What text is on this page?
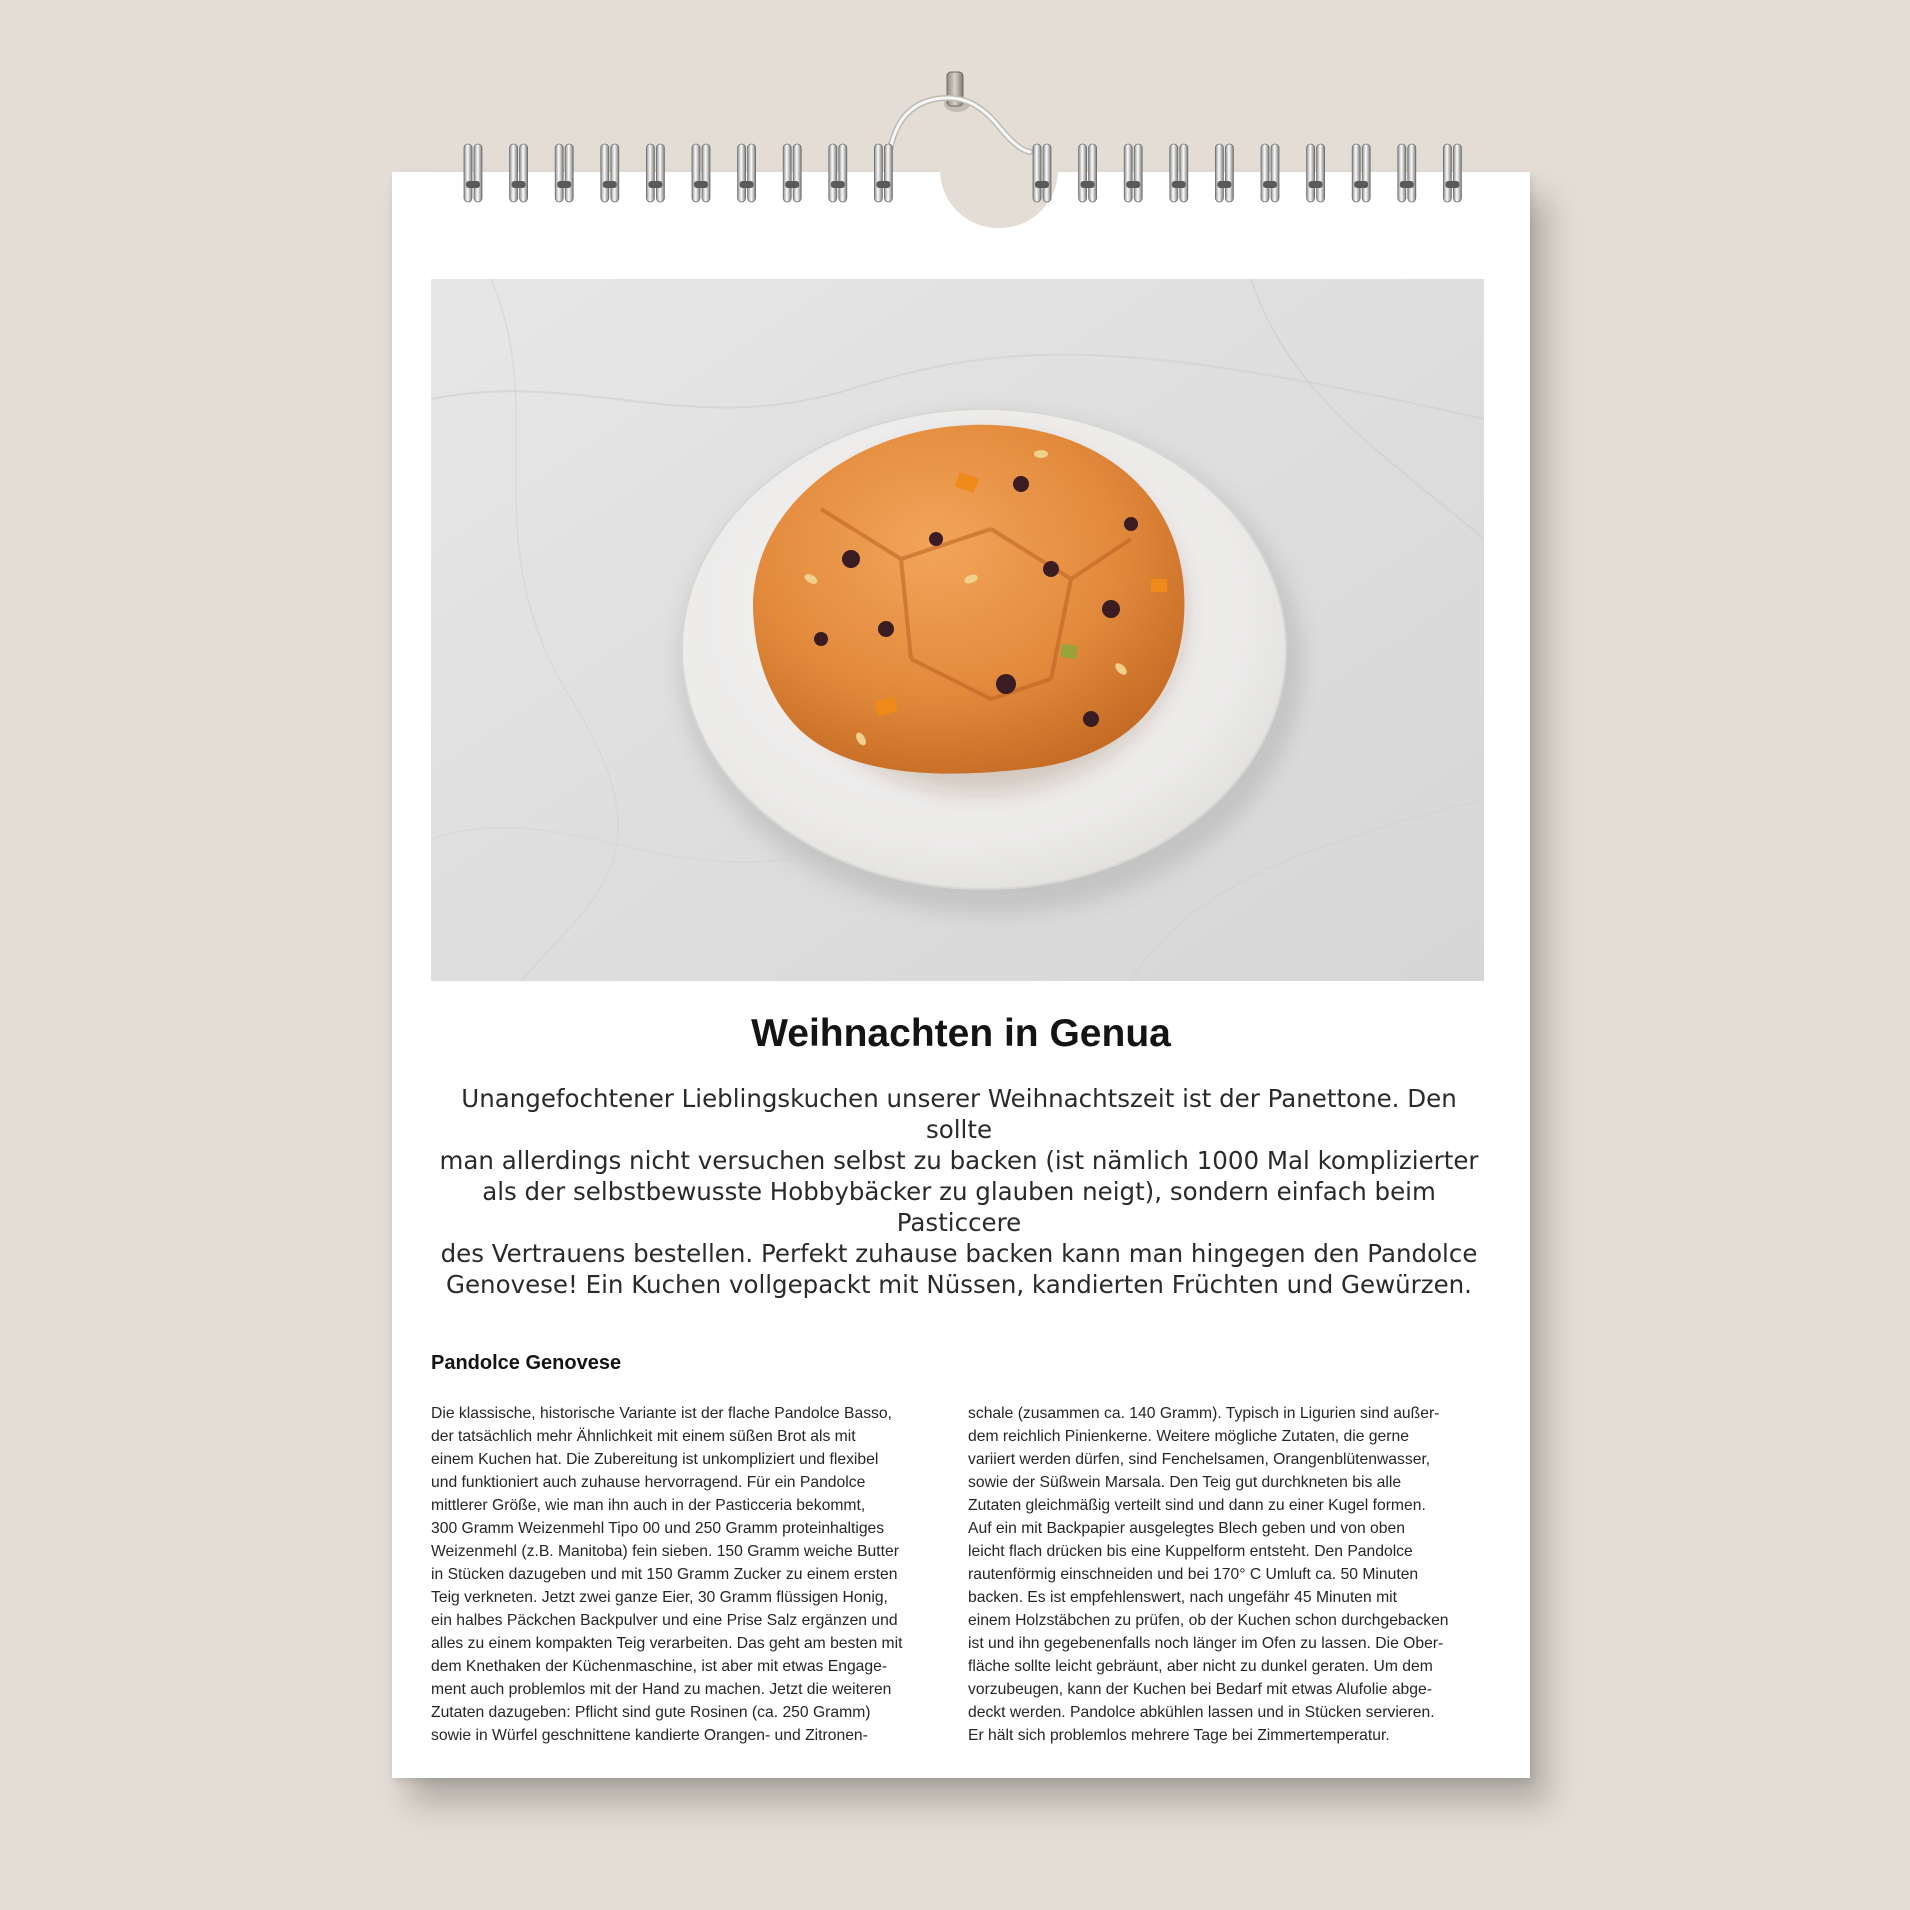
Weihnachten in Genua

Unangefochtener Lieblingskuchen unserer Weihnachtszeit ist der Panettone. Den sollte
man allerdings nicht versuchen selbst zu backen (ist nämlich 1000 Mal komplizierter
als der selbstbewusste Hobbybäcker zu glauben neigt), sondern einfach beim Pasticcere
des Vertrauens bestellen. Perfekt zuhause backen kann man hingegen den Pandolce
Genovese! Ein Kuchen vollgepackt mit Nüssen, kandierten Früchten und Gewürzen.

Pandolce Genovese
Die klassische, historische Variante ist der flache Pandolce Basso,
der tatsächlich mehr Ähnlichkeit mit einem süßen Brot als mit
einem Kuchen hat. Die Zubereitung ist unkompliziert und flexibel
und funktioniert auch zuhause hervorragend. Für ein Pandolce
mittlerer Größe, wie man ihn auch in der Pasticceria bekommt,
300 Gramm Weizenmehl Tipo 00 und 250 Gramm proteinhaltiges
Weizenmehl (z.B. Manitoba) fein sieben. 150 Gramm weiche Butter
in Stücken dazugeben und mit 150 Gramm Zucker zu einem ersten
Teig verkneten. Jetzt zwei ganze Eier, 30 Gramm flüssigen Honig,
ein halbes Päckchen Backpulver und eine Prise Salz ergänzen und
alles zu einem kompakten Teig verarbeiten. Das geht am besten mit
dem Knethaken der Küchenmaschine, ist aber mit etwas Engage-
ment auch problemlos mit der Hand zu machen. Jetzt die weiteren
Zutaten dazugeben: Pflicht sind gute Rosinen (ca. 250 Gramm)
sowie in Würfel geschnittene kandierte Orangen- und Zitronen-
schale (zusammen ca. 140 Gramm). Typisch in Ligurien sind außer-
dem reichlich Pinienkerne. Weitere mögliche Zutaten, die gerne
variiert werden dürfen, sind Fenchelsamen, Orangenblütenwasser,
sowie der Süßwein Marsala. Den Teig gut durchkneten bis alle
Zutaten gleichmäßig verteilt sind und dann zu einer Kugel formen.
Auf ein mit Backpapier ausgelegtes Blech geben und von oben
leicht flach drücken bis eine Kuppelform entsteht. Den Pandolce
rautenförmig einschneiden und bei 170° C Umluft ca. 50 Minuten
backen. Es ist empfehlenswert, nach ungefähr 45 Minuten mit
einem Holzstäbchen zu prüfen, ob der Kuchen schon durchgebacken
ist und ihn gegebenenfalls noch länger im Ofen zu lassen. Die Ober-
fläche sollte leicht gebräunt, aber nicht zu dunkel geraten. Um dem
vorzubeugen, kann der Kuchen bei Bedarf mit etwas Alufolie abge-
deckt werden. Pandolce abkühlen lassen und in Stücken servieren.
Er hält sich problemlos mehrere Tage bei Zimmertemperatur.
